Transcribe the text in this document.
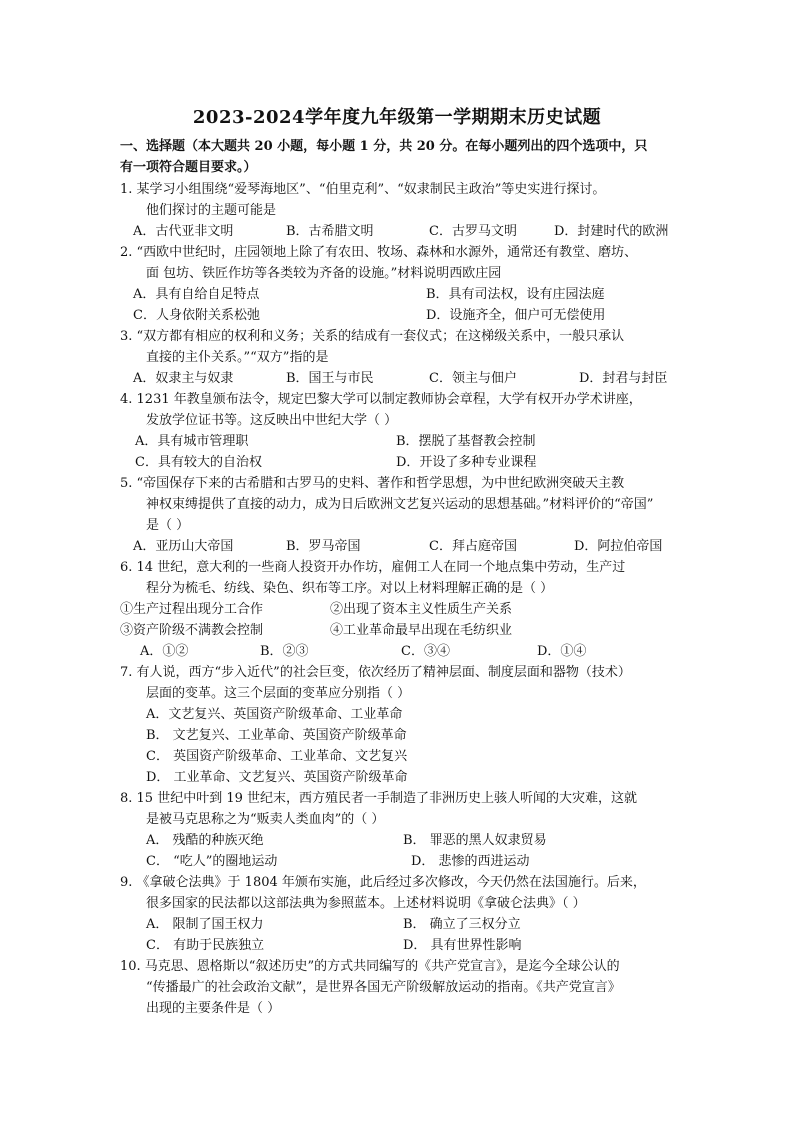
2023-2024学年度九年级第一学期期末历史试题
一、选择题（本大题共 20 小题，每小题 1 分，共 20 分。在每小题列出的四个选项中，只
有一项符合题目要求。）
1. 某学习小组围绕“爱琴海地区”、“伯里克利”、“奴隶制民主政治”等史实进行探讨。
他们探讨的主题可能是
A．古代亚非文明	B．古希腊文明	C．古罗马文明	D．封建时代的欧洲
2. “西欧中世纪时，庄园领地上除了有农田、牧场、森林和水源外，通常还有教堂、磨坊、
面 包坊、铁匠作坊等各类较为齐备的设施。”材料说明西欧庄园
A．具有自给自足特点	B．具有司法权，设有庄园法庭
C．人身依附关系松弛	D．设施齐全，佃户可无偿使用
3. “双方都有相应的权利和义务；关系的结成有一套仪式；在这梯级关系中，一般只承认
直接的主仆关系。”“双方”指的是
A．奴隶主与奴隶	B．国王与市民	C．领主与佃户	D．封君与封臣
4. 1231 年教皇颁布法令，规定巴黎大学可以制定教师协会章程，大学有权开办学术讲座，
发放学位证书等。这反映出中世纪大学（ ）
A．具有城市管理职	B．摆脱了基督教会控制
C．具有较大的自治权	D．开设了多种专业课程
5. “帝国保存下来的古希腊和古罗马的史料、著作和哲学思想，为中世纪欧洲突破天主教
神权束缚提供了直接的动力，成为日后欧洲文艺复兴运动的思想基础。”材料评价的“帝国”
是（ ）
A．亚历山大帝国	B．罗马帝国	C．拜占庭帝国	D．阿拉伯帝国
6. 14 世纪，意大利的一些商人投资开办作坊，雇佣工人在同一个地点集中劳动，生产过
程分为梳毛、纺线、染色、织布等工序。对以上材料理解正确的是（ ）
①生产过程出现分工合作	②出现了资本主义性质生产关系
③资产阶级不满教会控制	④工业革命最早出现在毛纺织业
A．①②	B．②③	C．③④	D．①④
7. 有人说，西方“步入近代”的社会巨变，依次经历了精神层面、制度层面和器物（技术）
层面的变革。这三个层面的变革应分别指（ ）
A．文艺复兴、英国资产阶级革命、工业革命
B． 文艺复兴、工业革命、英国资产阶级革命
C． 英国资产阶级革命、工业革命、文艺复兴
D． 工业革命、文艺复兴、英国资产阶级革命
8. 15 世纪中叶到 19 世纪末，西方殖民者一手制造了非洲历史上骇人听闻的大灾难，这就
是被马克思称之为“贩卖人类血肉”的（ ）
A． 残酷的种族灭绝	B． 罪恶的黑人奴隶贸易
C． “吃人”的圈地运动	D． 悲惨的西进运动
9. 《拿破仑法典》于 1804 年颁布实施，此后经过多次修改，今天仍然在法国施行。后来，
很多国家的民法都以这部法典为参照蓝本。上述材料说明《拿破仑法典》（ ）
A． 限制了国王权力	B． 确立了三权分立
C． 有助于民族独立	D． 具有世界性影响
10. 马克思、恩格斯以“叙述历史”的方式共同编写的《共产党宣言》，是迄今全球公认的
“传播最广的社会政治文献”，是世界各国无产阶级解放运动的指南。《共产党宣言》
出现的主要条件是（ ）
